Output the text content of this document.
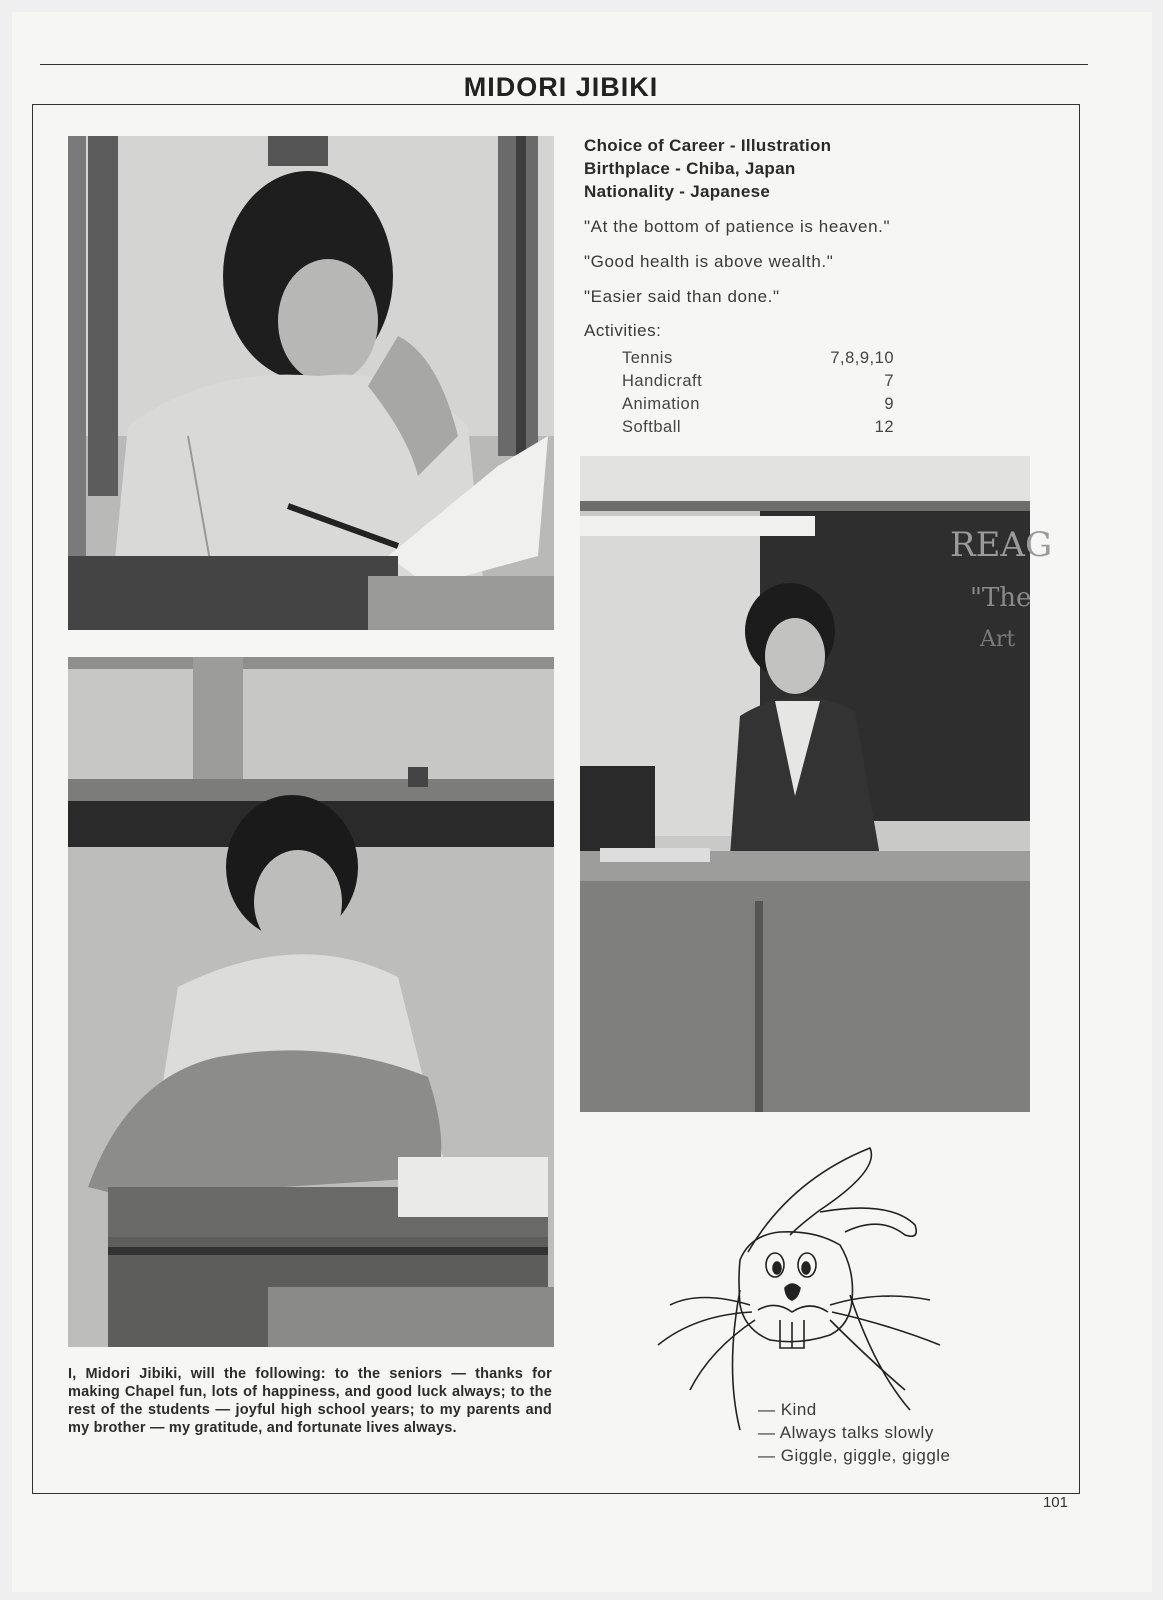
MIDORI JIBIKI
REAG
"The
Art
Choice of Career - Illustration
Birthplace - Chiba, Japan
Nationality - Japanese
"At the bottom of patience is heaven."
"Good health is above wealth."
"Easier said than done."
Activities:
Tennis	7,8,9,10
Handicraft	7
Animation	9
Softball	12
I, Midori Jibiki, will the following: to the seniors — thanks for making Chapel fun, lots of happiness, and good luck always; to the rest of the students — joyful high school years; to my parents and my brother — my gratitude, and fortunate lives always.
— Kind
— Always talks slowly
— Giggle, giggle, giggle
101
